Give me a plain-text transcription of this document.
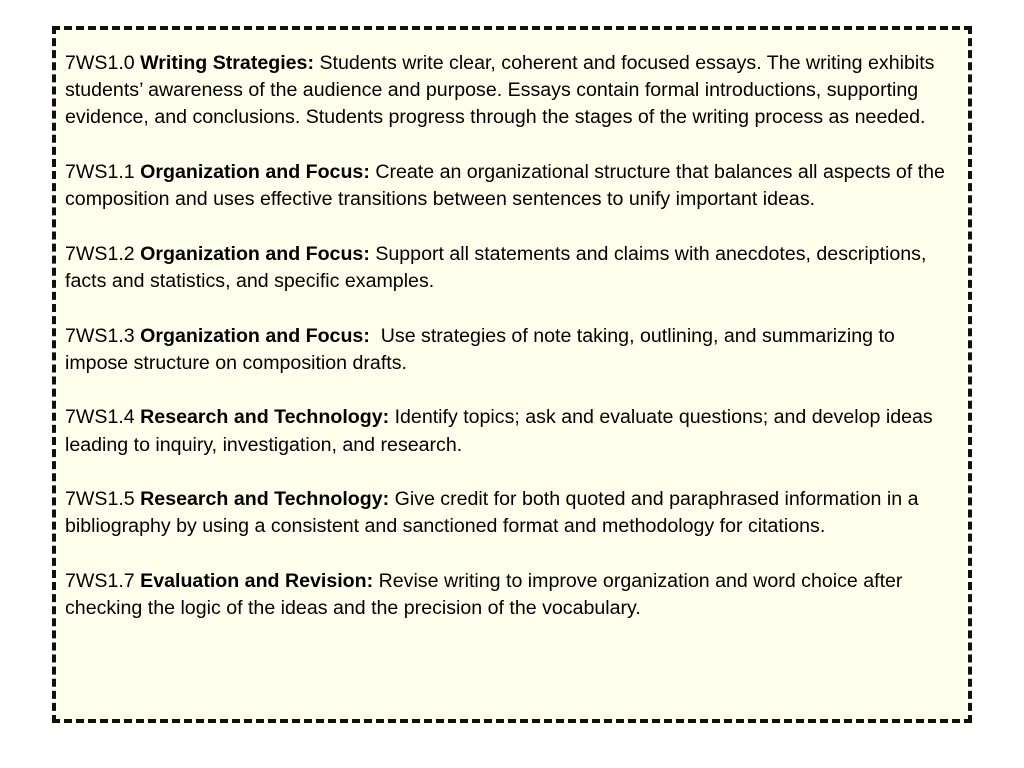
7WS1.0 Writing Strategies: Students write clear, coherent and focused essays. The writing exhibits students’ awareness of the audience and purpose. Essays contain formal introductions, supporting evidence, and conclusions. Students progress through the stages of the writing process as needed.

7WS1.1 Organization and Focus: Create an organizational structure that balances all aspects of the composition and uses effective transitions between sentences to unify important ideas.

7WS1.2 Organization and Focus: Support all statements and claims with anecdotes, descriptions, facts and statistics, and specific examples.

7WS1.3 Organization and Focus:  Use strategies of note taking, outlining, and summarizing to impose structure on composition drafts.

7WS1.4 Research and Technology: Identify topics; ask and evaluate questions; and develop ideas leading to inquiry, investigation, and research.

7WS1.5 Research and Technology: Give credit for both quoted and paraphrased information in a bibliography by using a consistent and sanctioned format and methodology for citations.

7WS1.7 Evaluation and Revision: Revise writing to improve organization and word choice after checking the logic of the ideas and the precision of the vocabulary.
